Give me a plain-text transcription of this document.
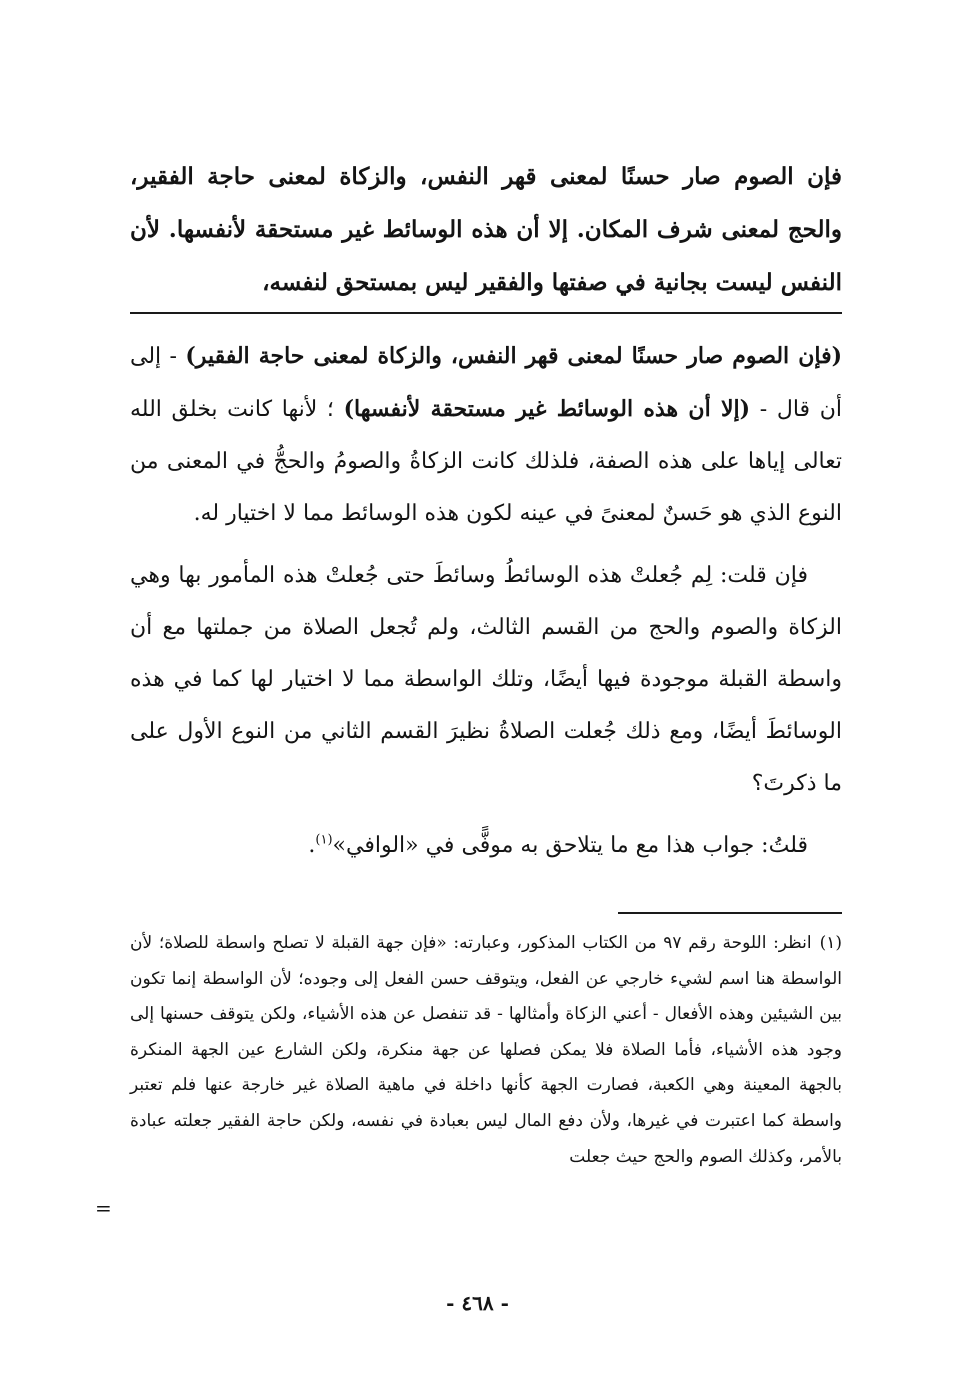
فإن الصوم صار حسنًا لمعنى قهر النفس، والزكاة لمعنى حاجة الفقير، والحج لمعنى شرف المكان. إلا أن هذه الوسائط غير مستحقة لأنفسها. لأن النفس ليست بجانية في صفتها والفقير ليس بمستحق لنفسه،

(فإن الصوم صار حسنًا لمعنى قهر النفس، والزكاة لمعنى حاجة الفقير) - إلى أن قال - (إلا أن هذه الوسائط غير مستحقة لأنفسها) ؛ لأنها كانت بخلق الله تعالى إياها على هذه الصفة، فلذلك كانت الزكاةُ والصومُ والحجُّ في المعنى من النوع الذي هو حَسنٌ لمعنىً في عينه لكون هذه الوسائط مما لا اختيار له.

فإن قلت: لِم جُعلتْ هذه الوسائطُ وسائطَ حتى جُعلتْ هذه المأمور بها وهي الزكاة والصوم والحج من القسم الثالث، ولم تُجعل الصلاة من جملتها مع أن واسطة القبلة موجودة فيها أيضًا، وتلك الواسطة مما لا اختيار لها كما في هذه الوسائطَ أيضًا، ومع ذلك جُعلت الصلاةُ نظيرَ القسم الثاني من النوع الأول على ما ذكرتَ؟

قلتُ: جواب هذا مع ما يتلاحق به موفًّى في «الوافي»$^{(١)}$.

(١)انظر: اللوحة رقم ٩٧ من الكتاب المذكور، وعبارته: «فإن جهة القبلة لا تصلح واسطة للصلاة؛ لأن الواسطة هنا اسم لشيء خارجي عن الفعل، ويتوقف حسن الفعل إلى وجوده؛ لأن الواسطة إنما تكون بين الشيئين وهذه الأفعال - أعني الزكاة وأمثالها - قد تنفصل عن هذه الأشياء، ولكن يتوقف حسنها إلى وجود هذه الأشياء، فأما الصلاة فلا يمكن فصلها عن جهة منكرة، ولكن الشارع عين الجهة المنكرة بالجهة المعينة وهي الكعبة، فصارت الجهة كأنها داخلة في ماهية الصلاة غير خارجة عنها فلم تعتبر واسطة كما اعتبرت في غيرها، ولأن دفع المال ليس بعبادة في نفسه، ولكن حاجة الفقير جعلته عبادة بالأمر، وكذلك الصوم والحج حيث جعلت

=
- ٤٦٨ -
